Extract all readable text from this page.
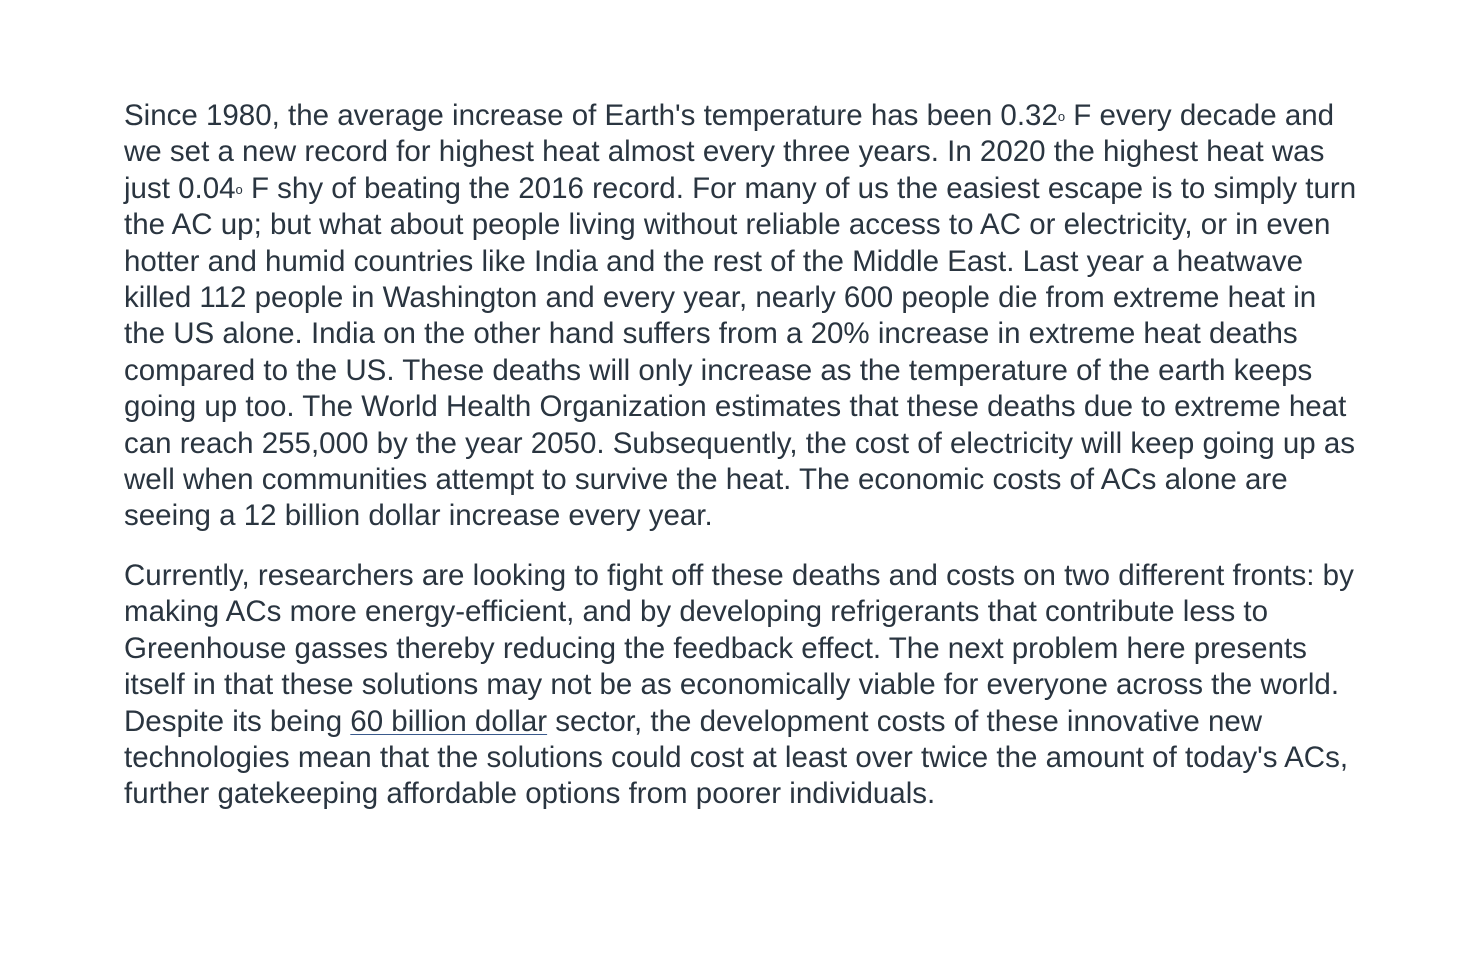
Since 1980, the average increase of Earth's temperature has been 0.32o F every decade and we set a new record for highest heat almost every three years. In 2020 the highest heat was just 0.04o F shy of beating the 2016 record. For many of us the easiest escape is to simply turn the AC up; but what about people living without reliable access to AC or electricity, or in even hotter and humid countries like India and the rest of the Middle East. Last year a heatwave killed 112 people in Washington and every year, nearly 600 people die from extreme heat in the US alone. India on the other hand suffers from a 20% increase in extreme heat deaths compared to the US. These deaths will only increase as the temperature of the earth keeps going up too. The World Health Organization estimates that these deaths due to extreme heat can reach 255,000 by the year 2050. Subsequently, the cost of electricity will keep going up as well when communities attempt to survive the heat. The economic costs of ACs alone are seeing a 12 billion dollar increase every year.

Currently, researchers are looking to fight off these deaths and costs on two different fronts: by making ACs more energy-efficient, and by developing refrigerants that contribute less to Greenhouse gasses thereby reducing the feedback effect. The next problem here presents itself in that these solutions may not be as economically viable for everyone across the world. Despite its being 60 billion dollar sector, the development costs of these innovative new technologies mean that the solutions could cost at least over twice the amount of today's ACs, further gatekeeping affordable options from poorer individuals.
